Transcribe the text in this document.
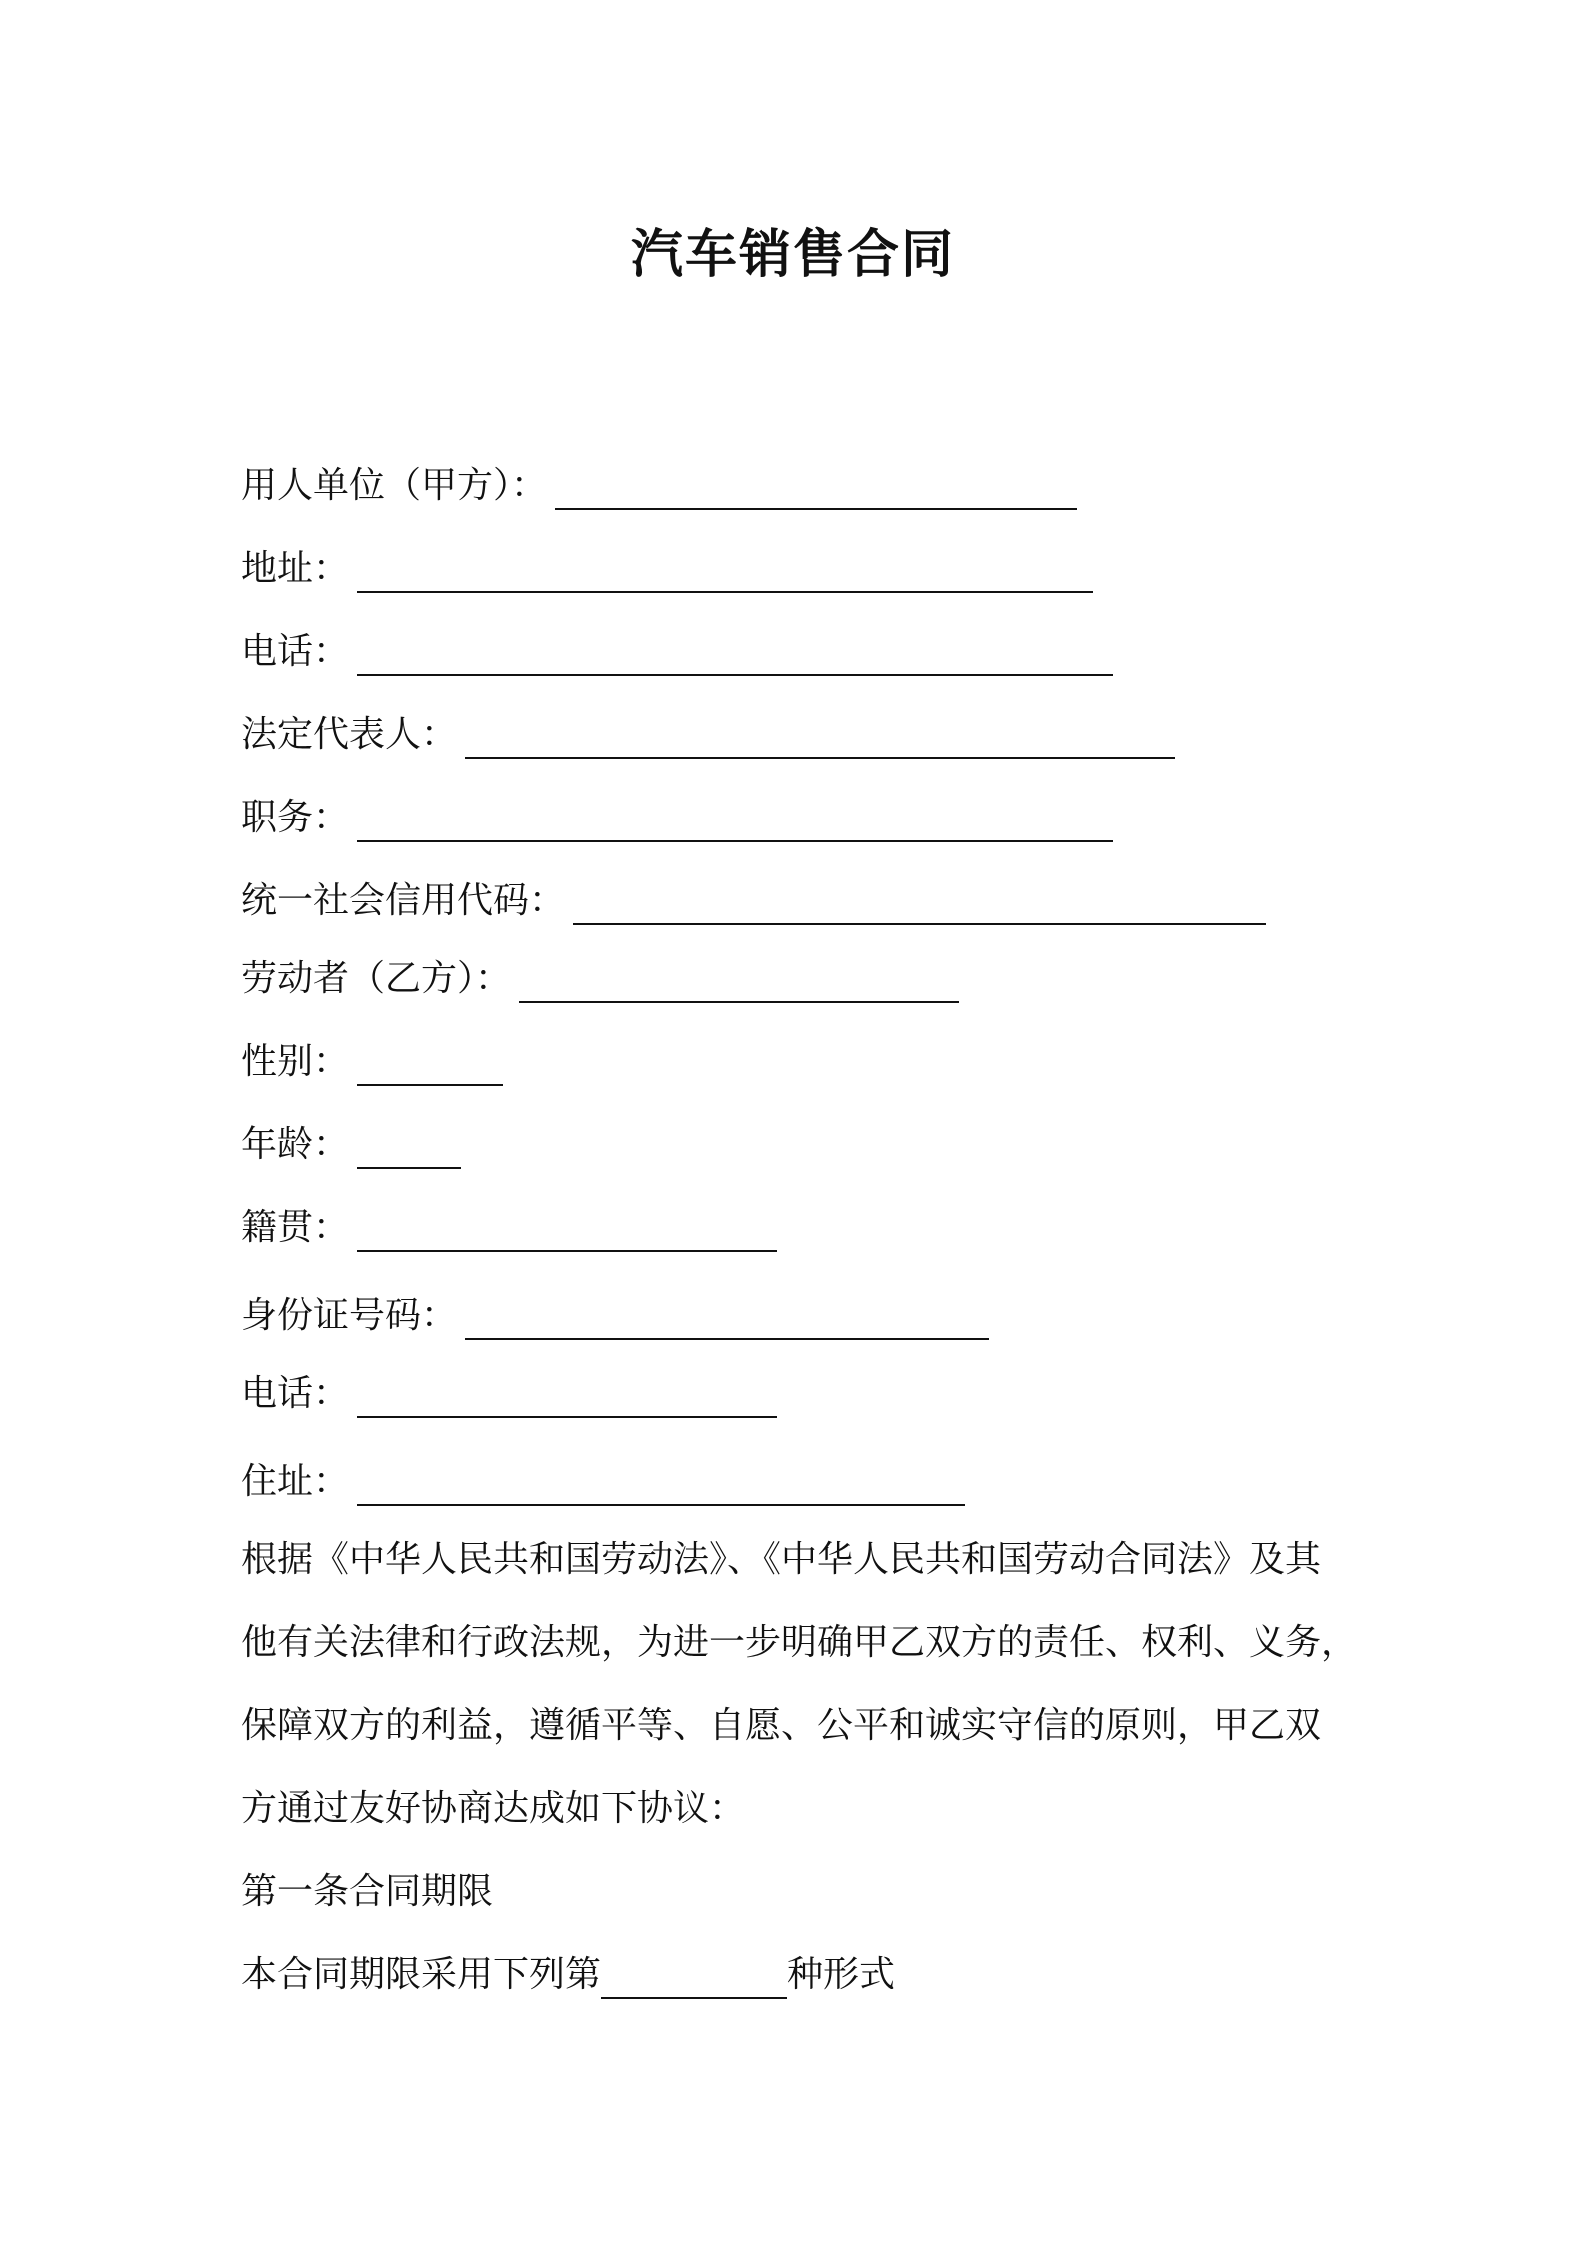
汽车销售合同
用人单位（甲方）：
地址：
电话：
法定代表人：
职务：
统一社会信用代码：
劳动者（乙方）：
性别：
年龄：
籍贯：
身份证号码：
电话：
住址：
根据《中华人民共和国劳动法》、《中华人民共和国劳动合同法》及其
他有关法律和行政法规，为进一步明确甲乙双方的责任、权利、义务，
保障双方的利益，遵循平等、自愿、公平和诚实守信的原则，甲乙双
方通过友好协商达成如下协议：
第一条合同期限
本合同期限采用下列第	种形式
